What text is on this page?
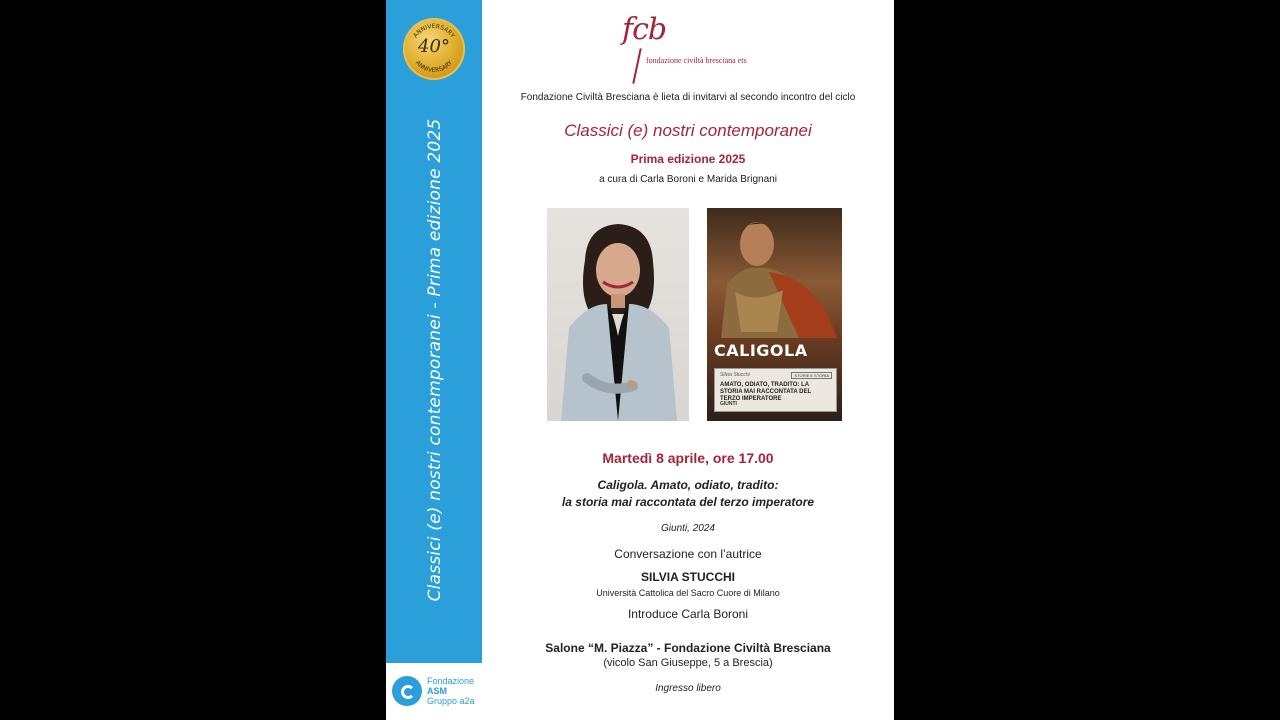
ANNIVERSARY
ANNIVERSARY
40°
Classici (e) nostri contemporanei - Prima edizione 2025
Fondazione
ASM
Gruppo a2a
fcb
fondazione civiltà bresciana ets
Fondazione Civiltà Bresciana è lieta di invitarvi al secondo incontro del ciclo
Classici (e) nostri contemporanei
Prima edizione 2025
a cura di Carla Boroni e Marida Brignani
CALIGOLA
Silvia Stucchi	STORIE E STORIA
AMATO, ODIATO, TRADITO: LA STORIA MAI RACCONTATA DEL TERZO IMPERATORE
GIUNTI
Martedì 8 aprile, ore 17.00
Caligola. Amato, odiato, tradito:
la storia mai raccontata del terzo imperatore
Giunti, 2024
Conversazione con l’autrice
SILVIA STUCCHI
Università Cattolica del Sacro Cuore di Milano
Introduce Carla Boroni
Salone “M. Piazza” - Fondazione Civiltà Bresciana
(vicolo San Giuseppe, 5 a Brescia)
Ingresso libero
